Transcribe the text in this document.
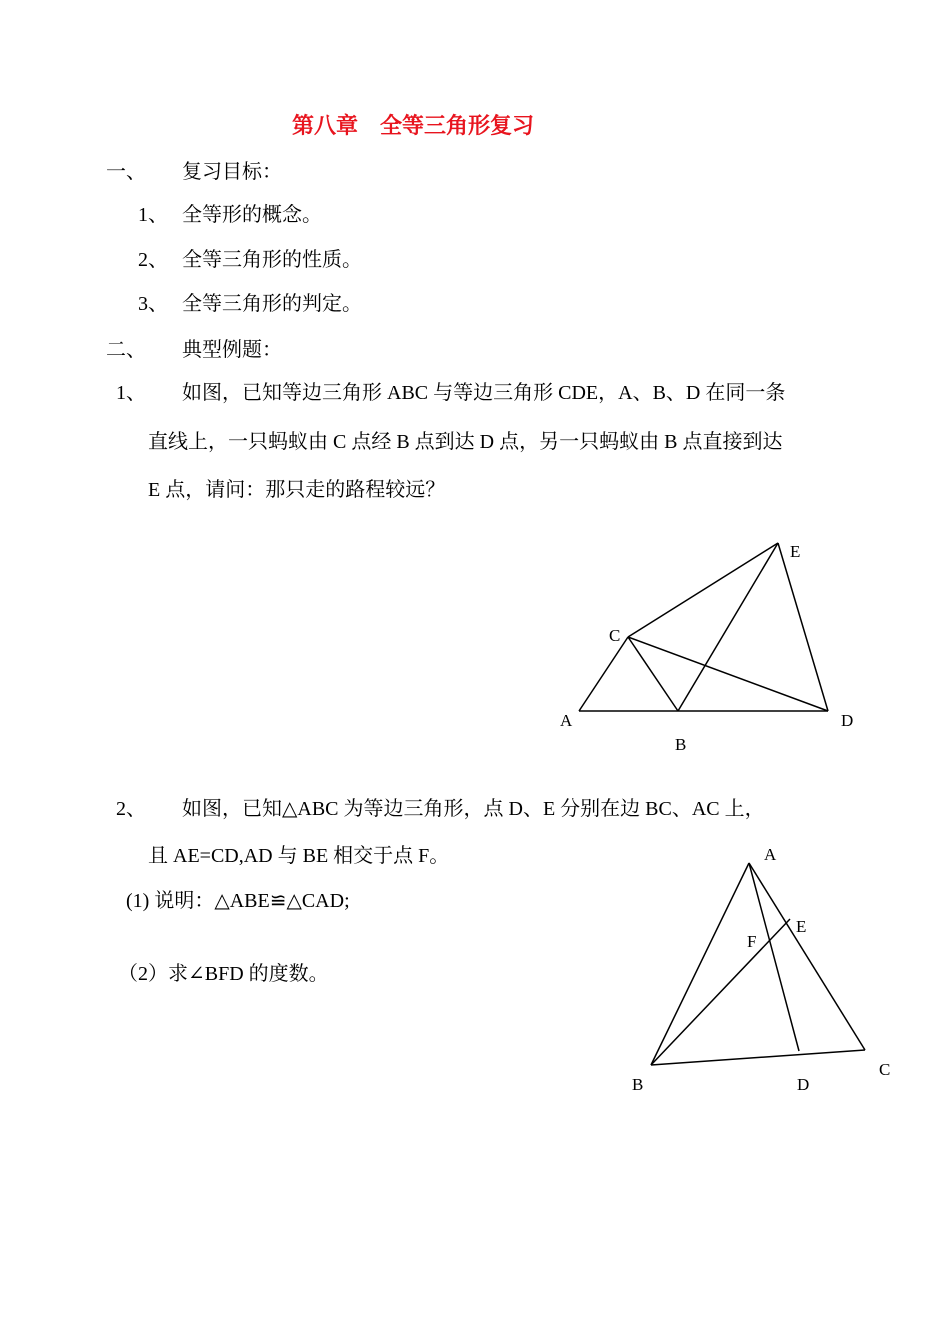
第八章　全等三角形复习
一、 复习目标：
1、 全等形的概念。
2、 全等三角形的性质。
3、 全等三角形的判定。
二、 典型例题：
1、 如图，已知等边三角形 ABC 与等边三角形 CDE，A、B、D 在同一条
直线上，一只蚂蚁由 C 点经 B 点到达 D 点，另一只蚂蚁由 B 点直接到达
E 点，请问：那只走的路程较远？
2、 如图，已知△ABC 为等边三角形，点 D、E 分别在边 BC、AC 上，
且 AE=CD,AD 与 BE 相交于点 F。
(1) 说明：△ABE≌△CAD;
（2）求∠BFD 的度数。
A
B
C
D
E
A
B
C
D
E
F
